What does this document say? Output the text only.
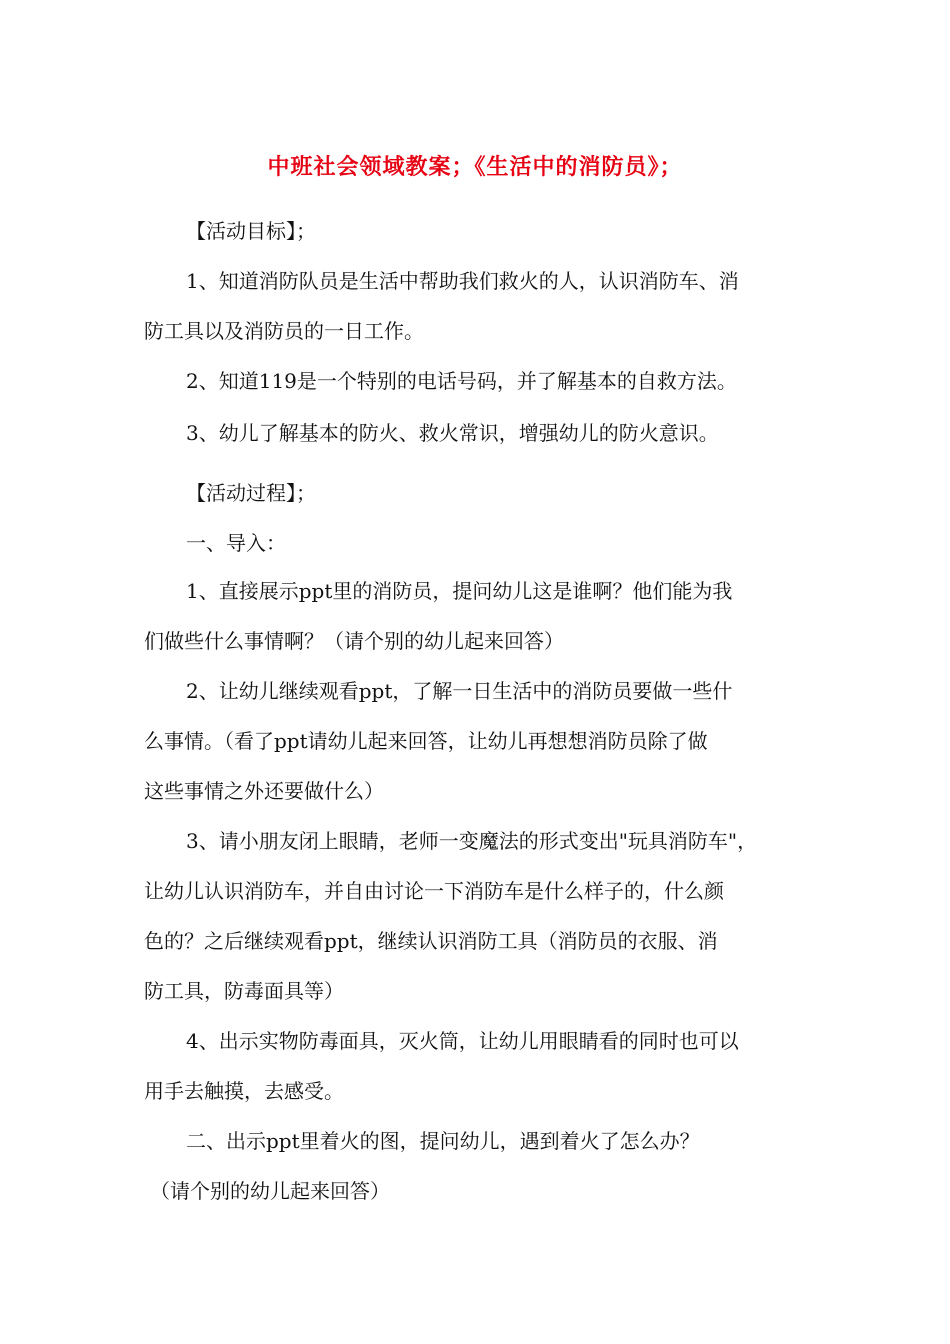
中班社会领域教案；《生活中的消防员》；
【活动目标】；
1、知道消防队员是生活中帮助我们救火的人，认识消防车、消
防工具以及消防员的一日工作。
2、知道119是一个特别的电话号码，并了解基本的自救方法。
3、幼儿了解基本的防火、救火常识，增强幼儿的防火意识。
【活动过程】；
一、导入：
1、直接展示ppt里的消防员，提问幼儿这是谁啊？他们能为我
们做些什么事情啊？（请个别的幼儿起来回答）
2、让幼儿继续观看ppt，了解一日生活中的消防员要做一些什
么事情。（看了ppt请幼儿起来回答，让幼儿再想想消防员除了做
这些事情之外还要做什么）
3、请小朋友闭上眼睛，老师一变魔法的形式变出"玩具消防车"，
让幼儿认识消防车，并自由讨论一下消防车是什么样子的，什么颜
色的？之后继续观看ppt，继续认识消防工具（消防员的衣服、消
防工具，防毒面具等）
4、出示实物防毒面具，灭火筒，让幼儿用眼睛看的同时也可以
用手去触摸，去感受。
二、出示ppt里着火的图，提问幼儿，遇到着火了怎么办？
（请个别的幼儿起来回答）
